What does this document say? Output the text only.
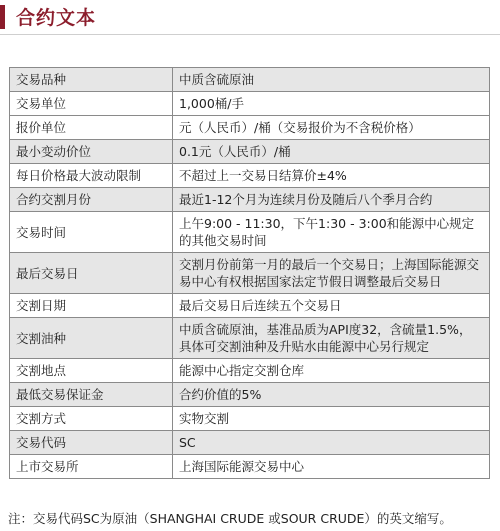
合约文本
交易品种	中质含硫原油
交易单位	1,000桶/手
报价单位	元（人民币）/桶（交易报价为不含税价格）
最小变动价位	0.1元（人民币）/桶
每日价格最大波动限制	不超过上一交易日结算价±4%
合约交割月份	最近1-12个月为连续月份及随后八个季月合约
交易时间	上午9:00 - 11:30，下午1:30 - 3:00和能源中心规定的其他交易时间
最后交易日	交割月份前第一月的最后一个交易日；上海国际能源交易中心有权根据国家法定节假日调整最后交易日
交割日期	最后交易日后连续五个交易日
交割油种	中质含硫原油，基准品质为API度32，含硫量1.5%，具体可交割油种及升贴水由能源中心另行规定
交割地点	能源中心指定交割仓库
最低交易保证金	合约价值的5%
交割方式	实物交割
交易代码	SC
上市交易所	上海国际能源交易中心
注：交易代码SC为原油（SHANGHAI CRUDE 或SOUR CRUDE）的英文缩写。
